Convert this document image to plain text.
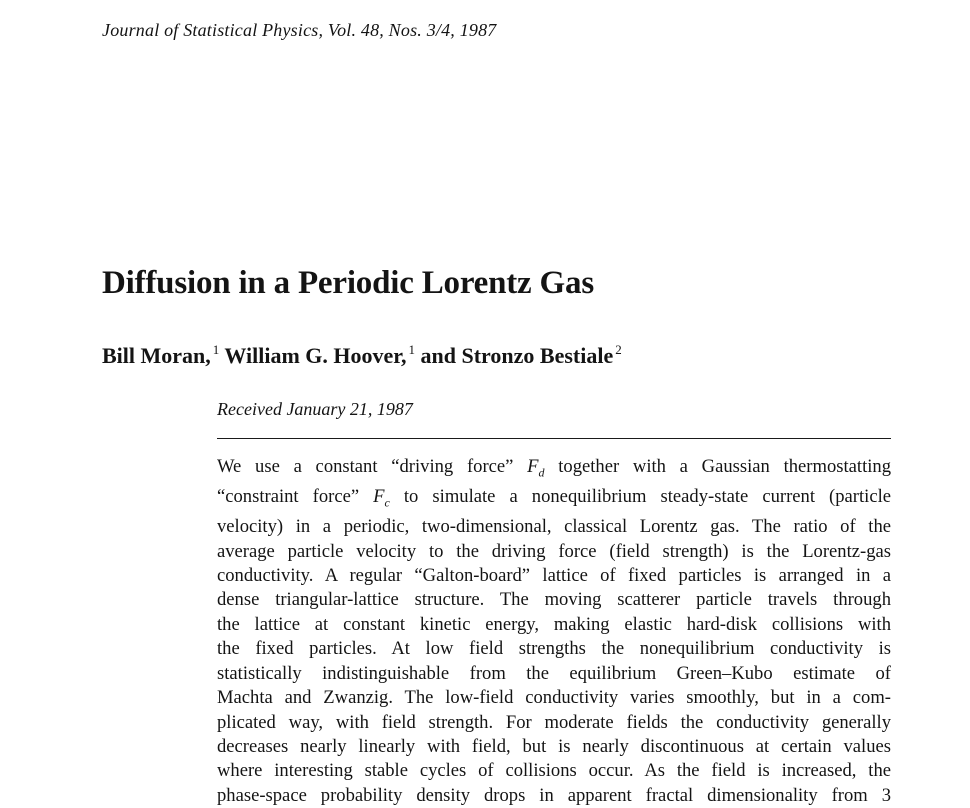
Journal of Statistical Physics, Vol. 48, Nos. 3/4, 1987
Diffusion in a Periodic Lorentz Gas
Bill Moran, $^1$ William G. Hoover, $^1$ and Stronzo Bestiale $^2$
Received January 21, 1987
We use a constant “driving force” $F_d$ together with a Gaussian thermostatting
“constraint force” $F_c$ to simulate a nonequilibrium steady-state current (particle
velocity) in a periodic, two-dimensional, classical Lorentz gas. The ratio of the
average particle velocity to the driving force (field strength) is the Lorentz-gas
conductivity. A regular “Galton-board” lattice of fixed particles is arranged in a
dense triangular-lattice structure. The moving scatterer particle travels through
the lattice at constant kinetic energy, making elastic hard-disk collisions with
the fixed particles. At low field strengths the nonequilibrium conductivity is
statistically indistinguishable from the equilibrium Green–Kubo estimate of
Machta and Zwanzig. The low-field conductivity varies smoothly, but in a com-
plicated way, with field strength. For moderate fields the conductivity generally
decreases nearly linearly with field, but is nearly discontinuous at certain values
where interesting stable cycles of collisions occur. As the field is increased, the
phase-space probability density drops in apparent fractal dimensionality from 3
